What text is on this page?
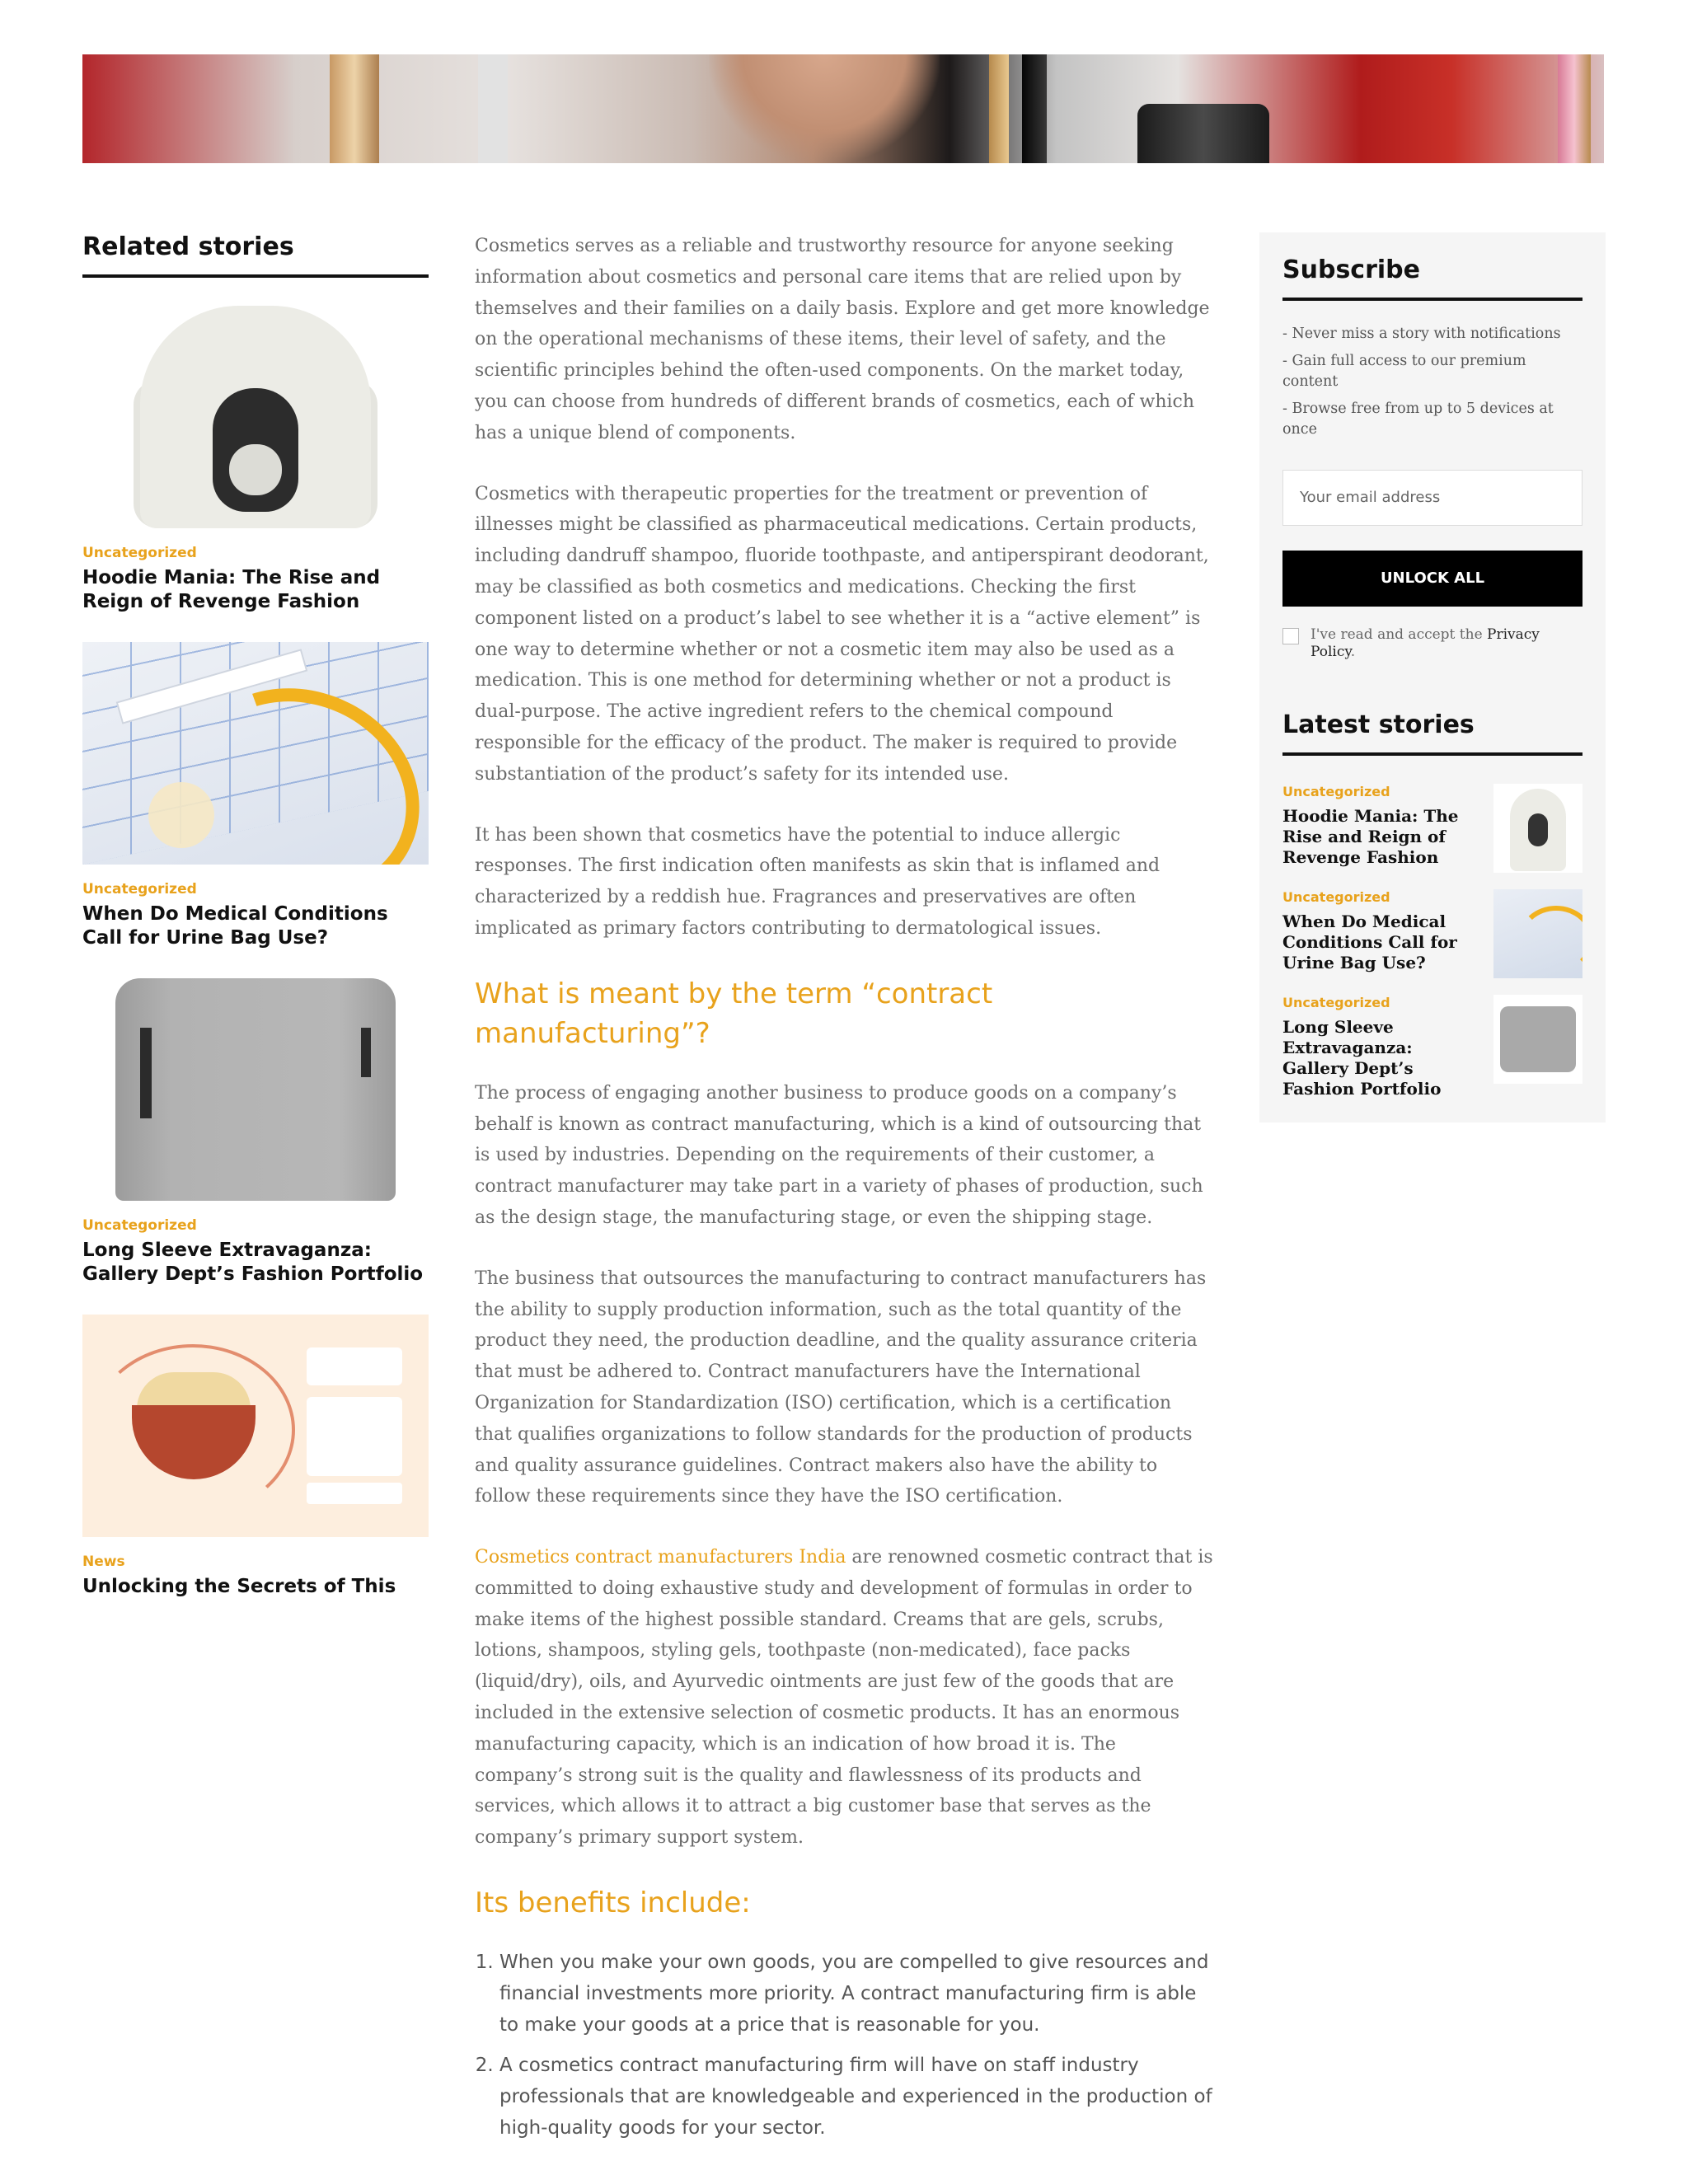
Related stories
Uncategorized
Hoodie Mania: The Rise and Reign of Revenge Fashion
Uncategorized
When Do Medical Conditions Call for Urine Bag Use?
Uncategorized
Long Sleeve Extravaganza: Gallery Dept’s Fashion Portfolio
News
Unlocking the Secrets of This

Cosmetics serves as a reliable and trustworthy resource for anyone seeking information about cosmetics and personal care items that are relied upon by themselves and their families on a daily basis. Explore and get more knowledge on the operational mechanisms of these items, their level of safety, and the scientific principles behind the often-used components. On the market today, you can choose from hundreds of different brands of cosmetics, each of which has a unique blend of components.

Cosmetics with therapeutic properties for the treatment or prevention of illnesses might be classified as pharmaceutical medications. Certain products, including dandruff shampoo, fluoride toothpaste, and antiperspirant deodorant, may be classified as both cosmetics and medications. Checking the first component listed on a product’s label to see whether it is a “active element” is one way to determine whether or not a cosmetic item may also be used as a medication. This is one method for determining whether or not a product is dual-purpose. The active ingredient refers to the chemical compound responsible for the efficacy of the product. The maker is required to provide substantiation of the product’s safety for its intended use.

It has been shown that cosmetics have the potential to induce allergic responses. The first indication often manifests as skin that is inflamed and characterized by a reddish hue. Fragrances and preservatives are often implicated as primary factors contributing to dermatological issues.

What is meant by the term “contract manufacturing”?

The process of engaging another business to produce goods on a company’s behalf is known as contract manufacturing, which is a kind of outsourcing that is used by industries. Depending on the requirements of their customer, a contract manufacturer may take part in a variety of phases of production, such as the design stage, the manufacturing stage, or even the shipping stage.

The business that outsources the manufacturing to contract manufacturers has the ability to supply production information, such as the total quantity of the product they need, the production deadline, and the quality assurance criteria that must be adhered to. Contract manufacturers have the International Organization for Standardization (ISO) certification, which is a certification that qualifies organizations to follow standards for the production of products and quality assurance guidelines. Contract makers also have the ability to follow these requirements since they have the ISO certification.

Cosmetics contract manufacturers India are renowned cosmetic contract that is committed to doing exhaustive study and development of formulas in order to make items of the highest possible standard. Creams that are gels, scrubs, lotions, shampoos, styling gels, toothpaste (non-medicated), face packs (liquid/dry), oils, and Ayurvedic ointments are just few of the goods that are included in the extensive selection of cosmetic products. It has an enormous manufacturing capacity, which is an indication of how broad it is. The company’s strong suit is the quality and flawlessness of its products and services, which allows it to attract a big customer base that serves as the company’s primary support system.

Its benefits include:
1. When you make your own goods, you are compelled to give resources and financial investments more priority. A contract manufacturing firm is able to make your goods at a price that is reasonable for you.
2. A cosmetics contract manufacturing firm will have on staff industry professionals that are knowledgeable and experienced in the production of high-quality goods for your sector.
Subscribe
- Never miss a story with notifications
- Gain full access to our premium content
- Browse free from up to 5 devices at once
Your email address
UNLOCK ALL
I've read and accept the Privacy Policy.
Latest stories
Uncategorized
Hoodie Mania: The Rise and Reign of Revenge Fashion
Uncategorized
When Do Medical Conditions Call for Urine Bag Use?
Uncategorized
Long Sleeve Extravaganza: Gallery Dept’s Fashion Portfolio
